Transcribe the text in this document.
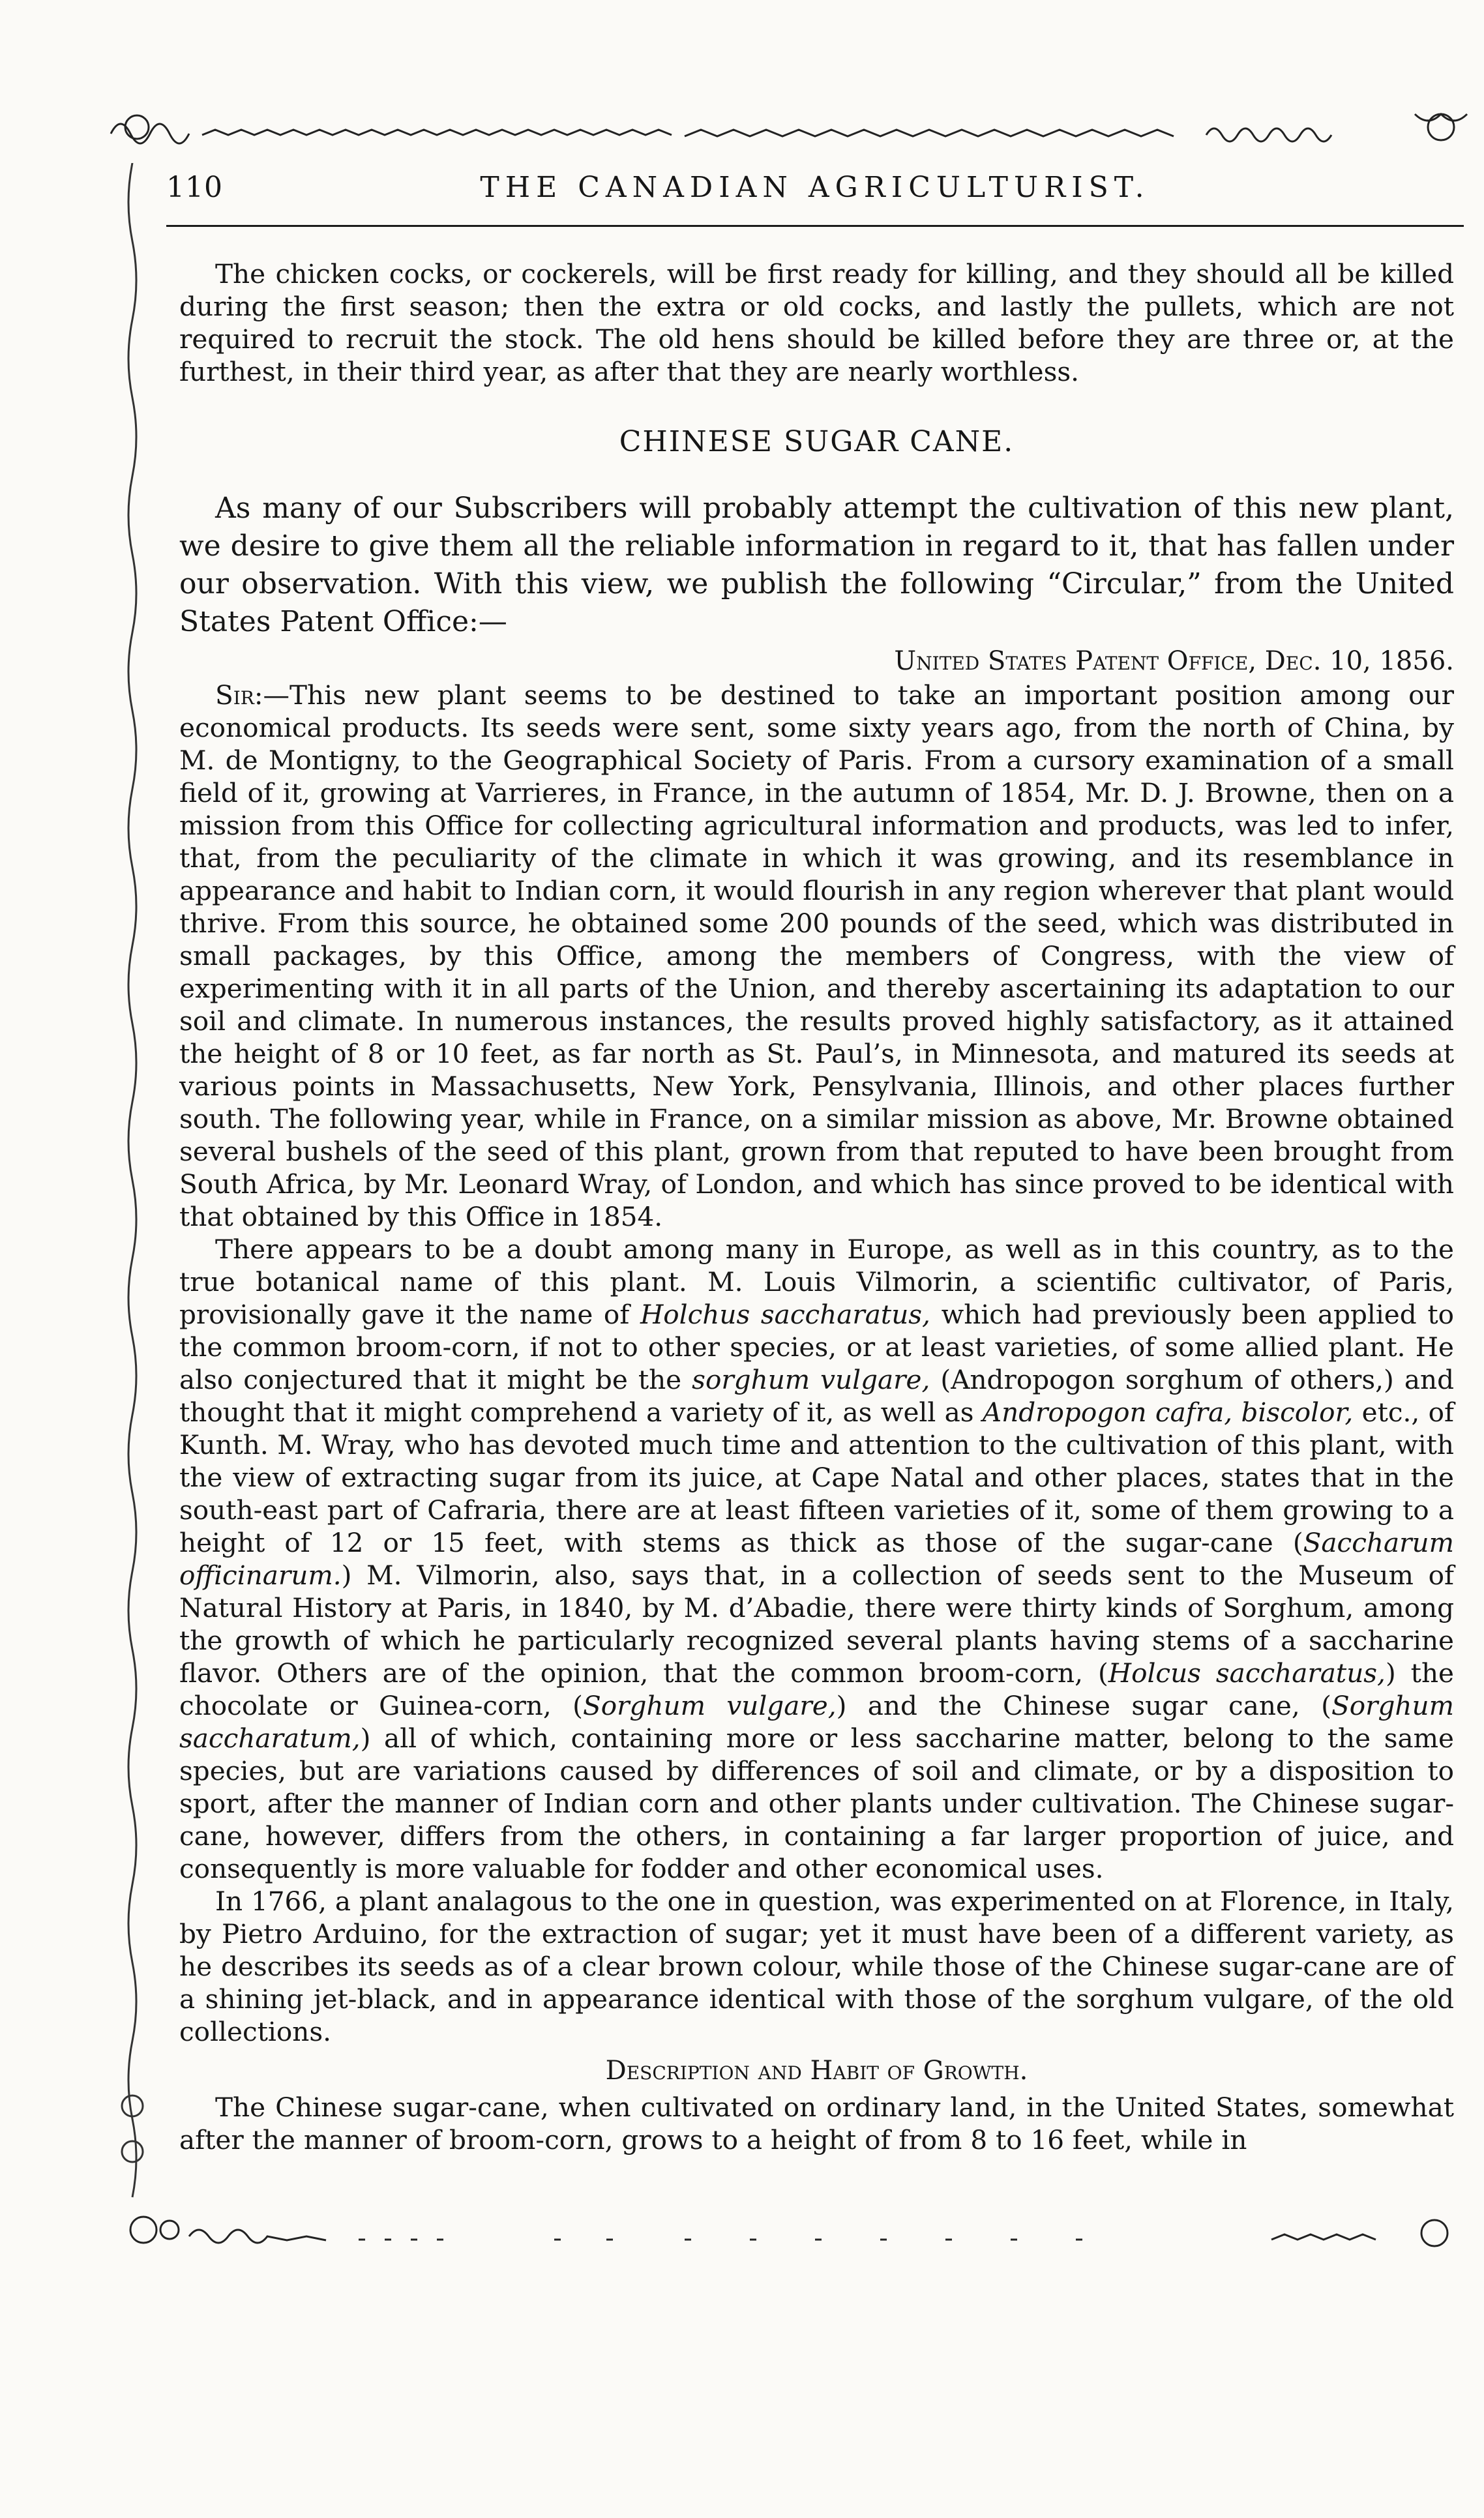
110	THE CANADIAN AGRICULTURIST.

The chicken cocks, or cockerels, will be first ready for killing, and they should all be killed during the first season; then the extra or old cocks, and lastly the pullets, which are not required to recruit the stock. The old hens should be killed before they are three or, at the furthest, in their third year, as after that they are nearly worthless.

CHINESE SUGAR CANE.

As many of our Subscribers will probably attempt the cultivation of this new plant, we desire to give them all the reliable information in regard to it, that has fallen under our observation. With this view, we publish the following “Circular,” from the United States Patent Office:—

United States Patent Office, Dec. 10, 1856.

Sir:—This new plant seems to be destined to take an important position among our economical products. Its seeds were sent, some sixty years ago, from the north of China, by M. de Montigny, to the Geographical Society of Paris. From a cursory examination of a small field of it, growing at Varrieres, in France, in the autumn of 1854, Mr. D. J. Browne, then on a mission from this Office for collecting agricultural information and products, was led to infer, that, from the peculiarity of the climate in which it was growing, and its resemblance in appearance and habit to Indian corn, it would flourish in any region wherever that plant would thrive. From this source, he obtained some 200 pounds of the seed, which was distributed in small packages, by this Office, among the members of Congress, with the view of experimenting with it in all parts of the Union, and thereby ascertaining its adaptation to our soil and climate. In numerous instances, the results proved highly satisfactory, as it attained the height of 8 or 10 feet, as far north as St. Paul’s, in Minnesota, and matured its seeds at various points in Massachusetts, New York, Pensylvania, Illinois, and other places further south. The following year, while in France, on a similar mission as above, Mr. Browne obtained several bushels of the seed of this plant, grown from that reputed to have been brought from South Africa, by Mr. Leonard Wray, of London, and which has since proved to be identical with that obtained by this Office in 1854.

There appears to be a doubt among many in Europe, as well as in this country, as to the true botanical name of this plant. M. Louis Vilmorin, a scientific cultivator, of Paris, provisionally gave it the name of Holchus saccharatus, which had previously been applied to the common broom-corn, if not to other species, or at least varieties, of some allied plant. He also conjectured that it might be the sorghum vulgare, (Andropogon sorghum of others,) and thought that it might comprehend a variety of it, as well as Andropogon cafra, biscolor, etc., of Kunth. M. Wray, who has devoted much time and attention to the cultivation of this plant, with the view of extracting sugar from its juice, at Cape Natal and other places, states that in the south-east part of Cafraria, there are at least fifteen varieties of it, some of them growing to a height of 12 or 15 feet, with stems as thick as those of the sugar-cane (Saccharum officinarum.) M. Vilmorin, also, says that, in a collection of seeds sent to the Museum of Natural History at Paris, in 1840, by M. d’Abadie, there were thirty kinds of Sorghum, among the growth of which he particularly recognized several plants having stems of a saccharine flavor. Others are of the opinion, that the common broom-corn, (Holcus saccharatus,) the chocolate or Guinea-corn, (Sorghum vulgare,) and the Chinese sugar cane, (Sorghum saccharatum,) all of which, containing more or less saccharine matter, belong to the same species, but are variations caused by differences of soil and climate, or by a disposition to sport, after the manner of Indian corn and other plants under cultivation. The Chinese sugar-cane, however, differs from the others, in containing a far larger proportion of juice, and consequently is more valuable for fodder and other economical uses.

In 1766, a plant analagous to the one in question, was experimented on at Florence, in Italy, by Pietro Arduino, for the extraction of sugar; yet it must have been of a different variety, as he describes its seeds as of a clear brown colour, while those of the Chinese sugar-cane are of a shining jet-black, and in appearance identical with those of the sorghum vulgare, of the old collections.

Description and Habit of Growth.

The Chinese sugar-cane, when cultivated on ordinary land, in the United States, somewhat after the manner of broom-corn, grows to a height of from 8 to 16 feet, while in
